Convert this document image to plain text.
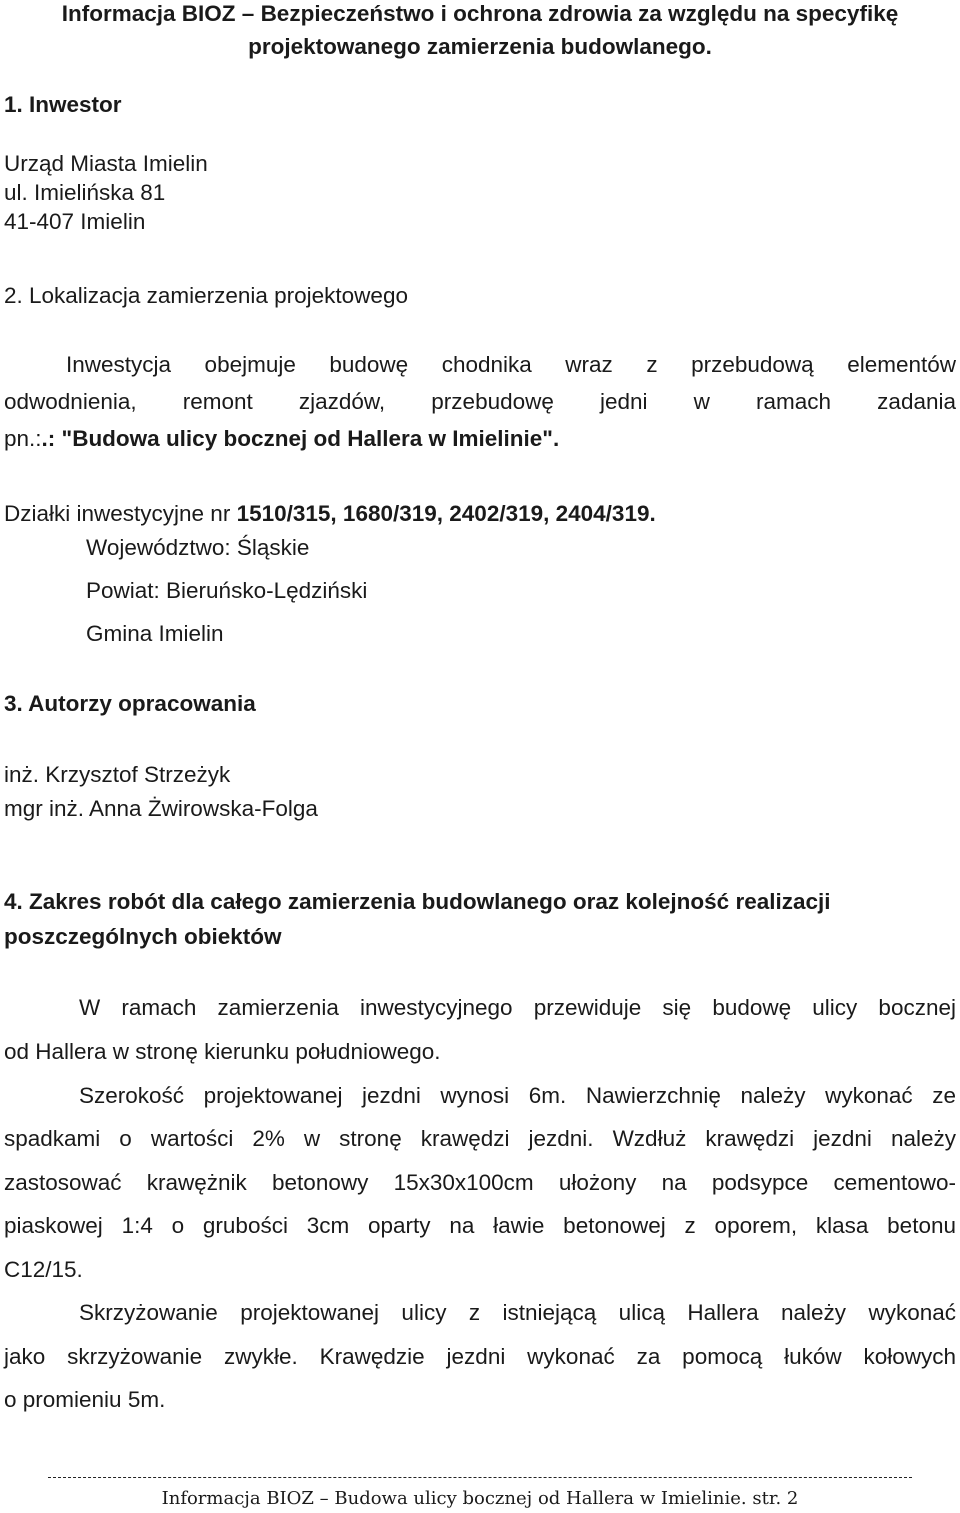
Informacja BIOZ – Bezpieczeństwo i ochrona zdrowia za względu na specyfikę
projektowanego zamierzenia budowlanego.
1. Inwestor
Urząd Miasta Imielin
ul. Imielińska 81
41-407 Imielin
2. Lokalizacja zamierzenia projektowego
Inwestycja obejmuje budowę chodnika wraz z przebudową elementów
odwodnienia, remont zjazdów, przebudowę jedni w ramach zadania
pn.:.: "Budowa ulicy bocznej od Hallera w Imielinie".
Działki inwestycyjne nr 1510/315, 1680/319, 2402/319, 2404/319.
Województwo: Śląskie
Powiat: Bieruńsko-Lędziński
Gmina Imielin
3. Autorzy opracowania
inż. Krzysztof Strzeżyk
mgr inż. Anna Żwirowska-Folga
4. Zakres robót dla całego zamierzenia budowlanego oraz kolejność realizacji
poszczególnych obiektów
W ramach zamierzenia inwestycyjnego przewiduje się budowę ulicy bocznej
od Hallera w stronę kierunku południowego.
Szerokość projektowanej jezdni wynosi 6m. Nawierzchnię należy wykonać ze
spadkami o wartości 2% w stronę krawędzi jezdni. Wzdłuż krawędzi jezdni należy
zastosować krawężnik betonowy 15x30x100cm ułożony na podsypce cementowo-
piaskowej 1:4 o grubości 3cm oparty na ławie betonowej z oporem, klasa betonu
C12/15.
Skrzyżowanie projektowanej ulicy z istniejącą ulicą Hallera należy wykonać
jako skrzyżowanie zwykłe. Krawędzie jezdni wykonać za pomocą łuków kołowych
o promieniu 5m.
Informacja BIOZ – Budowa ulicy bocznej od Hallera w Imielinie. str. 2
